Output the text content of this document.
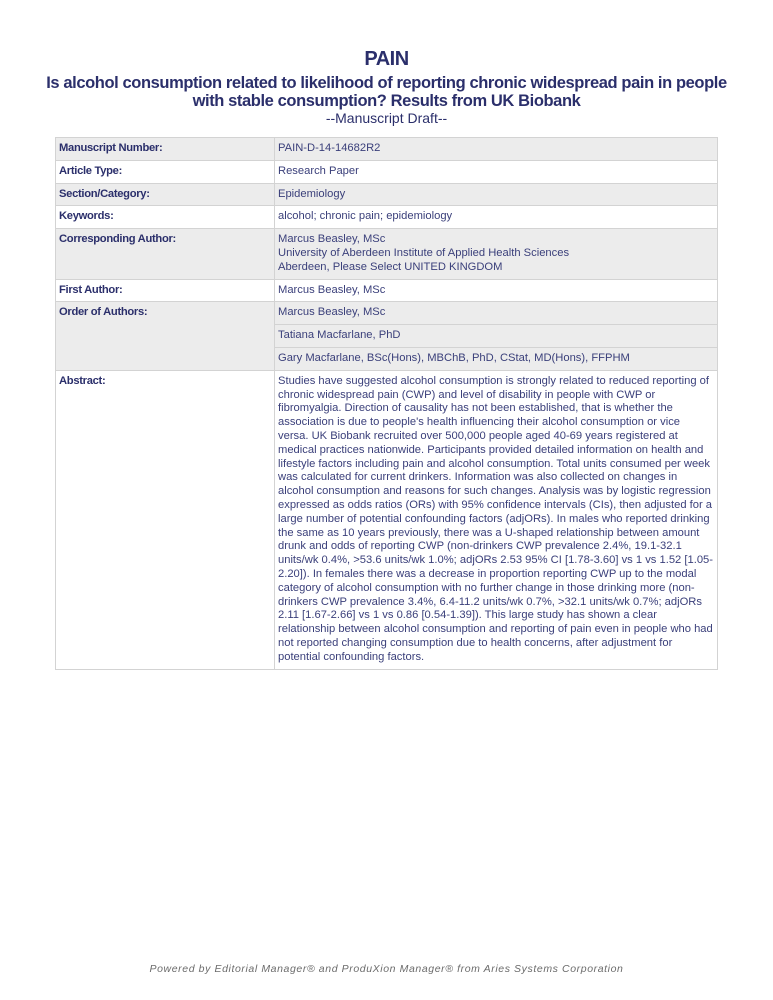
PAIN
Is alcohol consumption related to likelihood of reporting chronic widespread pain in people with stable consumption? Results from UK Biobank
--Manuscript Draft--
Manuscript Number:	PAIN-D-14-14682R2
Article Type:	Research Paper
Section/Category:	Epidemiology
Keywords:	alcohol; chronic pain; epidemiology
Corresponding Author:	Marcus Beasley, MSc
University of Aberdeen Institute of Applied Health Sciences
Aberdeen, Please Select UNITED KINGDOM

First Author:	Marcus Beasley, MSc
Order of Authors:	Marcus Beasley, MSc
	Tatiana Macfarlane, PhD
	Gary Macfarlane, BSc(Hons), MBChB, PhD, CStat, MD(Hons), FFPHM
Abstract:	Studies have suggested alcohol consumption is strongly related to reduced reporting of chronic widespread pain (CWP) and level of disability in people with CWP or fibromyalgia. Direction of causality has not been established, that is whether the association is due to people's health influencing their alcohol consumption or vice versa. UK Biobank recruited over 500,000 people aged 40-69 years registered at medical practices nationwide. Participants provided detailed information on health and lifestyle factors including pain and alcohol consumption. Total units consumed per week was calculated for current drinkers. Information was also collected on changes in alcohol consumption and reasons for such changes. Analysis was by logistic regression expressed as odds ratios (ORs) with 95% confidence intervals (CIs), then adjusted for a large number of potential confounding factors (adjORs). In males who reported drinking the same as 10 years previously, there was a U-shaped relationship between amount drunk and odds of reporting CWP (non-drinkers CWP prevalence 2.4%, 19.1-32.1 units/wk 0.4%, >53.6 units/wk 1.0%; adjORs 2.53 95% CI [1.78-3.60] vs 1 vs 1.52 [1.05-2.20]). In females there was a decrease in proportion reporting CWP up to the modal category of alcohol consumption with no further change in those drinking more (non-drinkers CWP prevalence 3.4%, 6.4-11.2 units/wk 0.7%, >32.1 units/wk 0.7%; adjORs 2.11 [1.67-2.66] vs 1 vs 0.86 [0.54-1.39]). This large study has shown a clear relationship between alcohol consumption and reporting of pain even in people who had not reported changing consumption due to health concerns, after adjustment for potential confounding factors.
Powered by Editorial Manager® and ProduXion Manager® from Aries Systems Corporation
